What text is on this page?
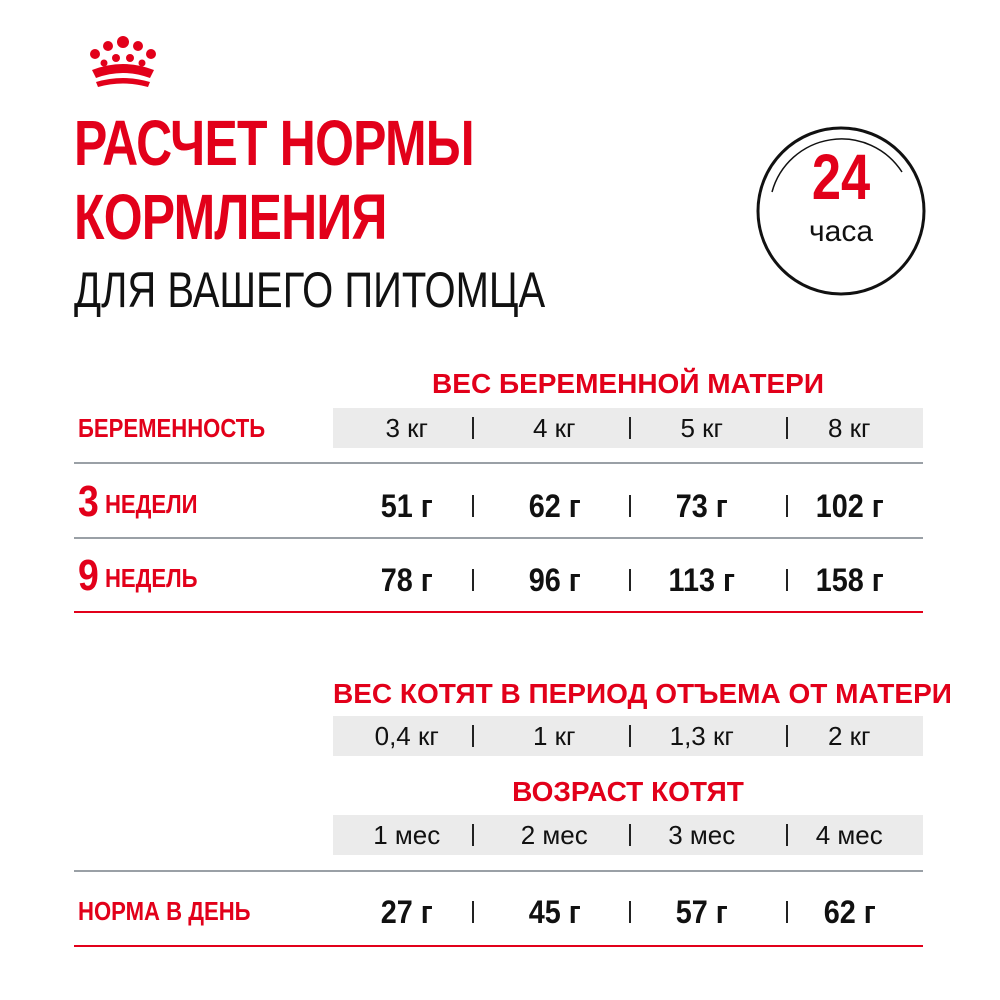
РАСЧЕТ НОРМЫ
КОРМЛЕНИЯ
ДЛЯ ВАШЕГО ПИТОМЦА
24
часа
ВЕС БЕРЕМЕННОЙ МАТЕРИ
БЕРЕМЕННОСТЬ	3 кг	4 кг	5 кг	8 кг
3 НЕДЕЛИ	51 г	62 г	73 г	102 г
9 НЕДЕЛЬ	78 г	96 г	113 г	158 г
ВЕС КОТЯТ В ПЕРИОД ОТЪЕМА ОТ МАТЕРИ
0,4 кг	1 кг	1,3 кг	2 кг
ВОЗРАСТ КОТЯТ
1 мес	2 мес	3 мес	4 мес
НОРМА В ДЕНЬ	27 г	45 г	57 г	62 г
